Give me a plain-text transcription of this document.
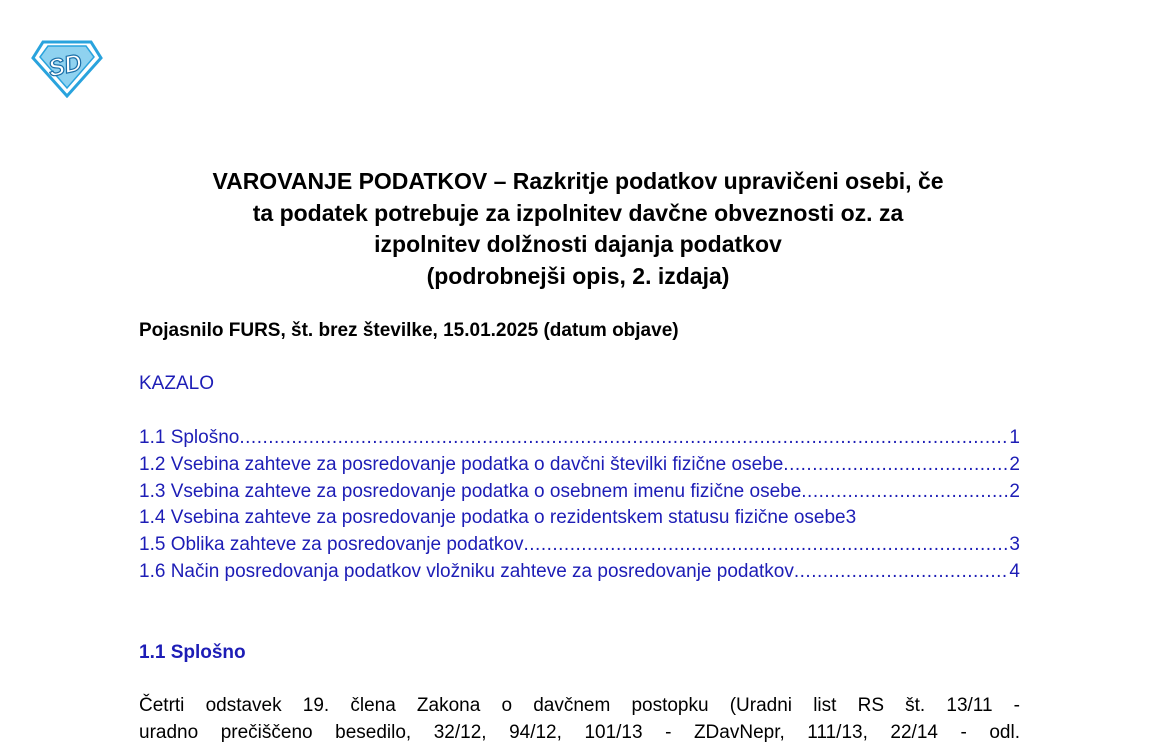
SD
VAROVANJE PODATKOV – Razkritje podatkov upravičeni osebi, če
ta podatek potrebuje za izpolnitev davčne obveznosti oz. za
izpolnitev dolžnosti dajanja podatkov
(podrobnejši opis, 2. izdaja)

Pojasnilo FURS, št. brez številke, 15.01.2025 (datum objave)

KAZALO

1.1 Splošno .....	1
1.2 Vsebina zahteve za posredovanje podatka o davčni številki fizične osebe .....	2
1.3 Vsebina zahteve za posredovanje podatka o osebnem imenu fizične osebe .....	2
1.4 Vsebina zahteve za posredovanje podatka o rezidentskem statusu fizične osebe 3
1.5 Oblika zahteve za posredovanje podatkov .....	3
1.6 Način posredovanja podatkov vložniku zahteve za posredovanje podatkov .....	4

1.1 Splošno

Četrti odstavek 19. člena Zakona o davčnem postopku (Uradni list RS št. 13/11 -
uradno prečiščeno besedilo, 32/12, 94/12, 101/13 - ZDavNepr, 111/13, 22/14 - odl.
